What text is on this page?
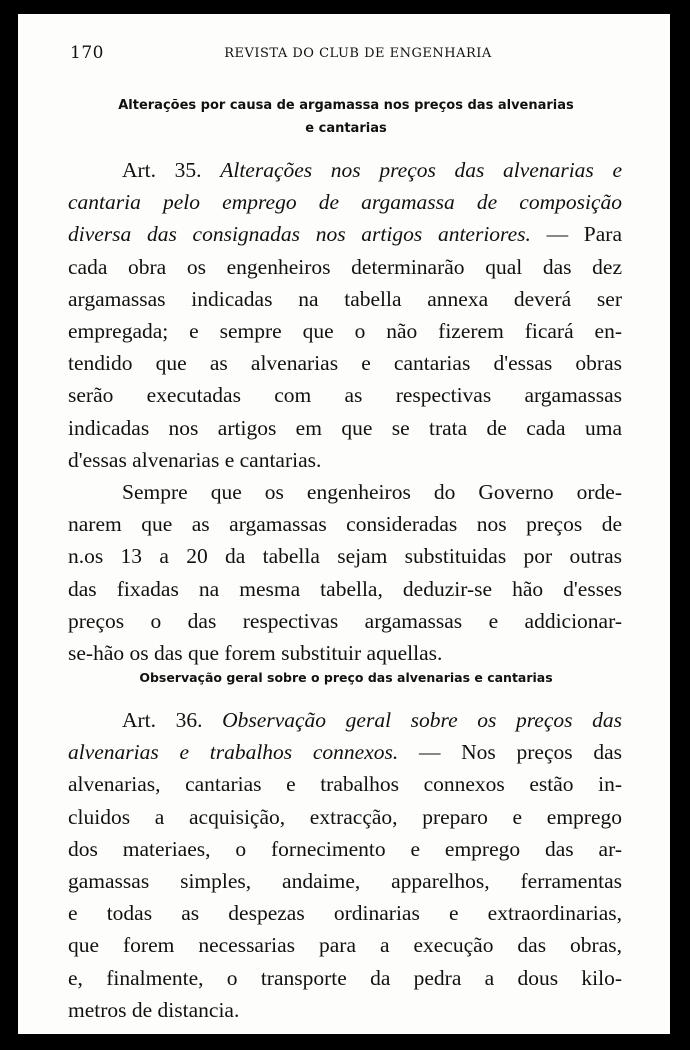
170	REVISTA DO CLUB DE ENGENHARIA
Alterações por causa de argamassa nos preços das alvenarias
e cantarias
Art. 35. Alterações nos preços das alvenarias e
cantaria pelo emprego de argamassa de composição
diversa das consignadas nos artigos anteriores. — Para
cada obra os engenheiros determinarão qual das dez
argamassas indicadas na tabella annexa deverá ser
empregada; e sempre que o não fizerem ficará en-
tendido que as alvenarias e cantarias d'essas obras
serão executadas com as respectivas argamassas
indicadas nos artigos em que se trata de cada uma
d'essas alvenarias e cantarias.
Sempre que os engenheiros do Governo orde-
narem que as argamassas consideradas nos preços de
n.os 13 a 20 da tabella sejam substituidas por outras
das fixadas na mesma tabella, deduzir-se hão d'esses
preços o das respectivas argamassas e addicionar-
se-hão os das que forem substituir aquellas.
Observação geral sobre o preço das alvenarias e cantarias
Art. 36. Observação geral sobre os preços das
alvenarias e trabalhos connexos. — Nos preços das
alvenarias, cantarias e trabalhos connexos estão in-
cluidos a acquisição, extracção, preparo e emprego
dos materiaes, o fornecimento e emprego das ar-
gamassas simples, andaime, apparelhos, ferramentas
e todas as despezas ordinarias e extraordinarias,
que forem necessarias para a execução das obras,
e, finalmente, o transporte da pedra a dous kilo-
metros de distancia.
